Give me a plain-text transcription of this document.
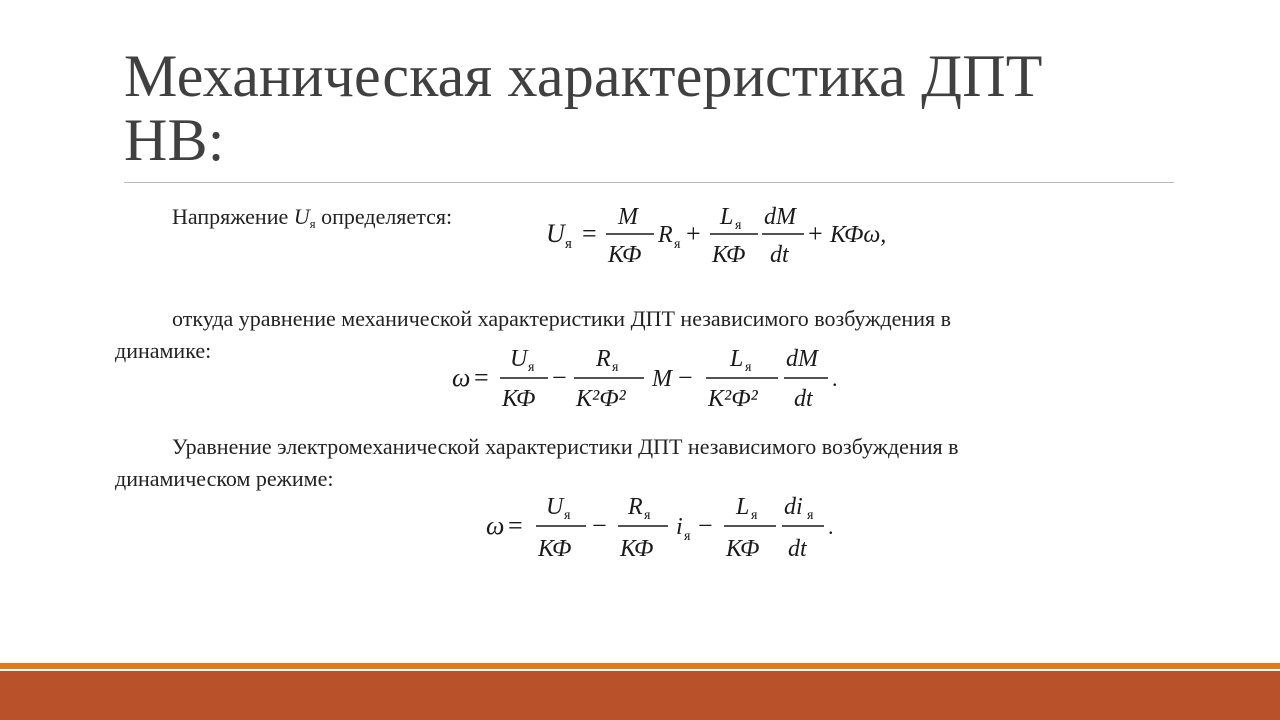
Механическая характеристика ДПТ
НВ:
Напряжение $U_я$ определяется:
U я =
M
КФ
R я +
L я
КФ
dM
dt
+ КФω,
откуда уравнение механической характеристики ДПТ независимого возбуждения в
динамике:
ω =
U я
КФ
−
R я
K²Ф²
M −
L я
K²Ф²
dM
dt
.
Уравнение электромеханической характеристики ДПТ независимого возбуждения в
динамическом режиме:
ω =
U я
КФ
−
R я
КФ
i я −
L я
КФ
di я
dt
.
